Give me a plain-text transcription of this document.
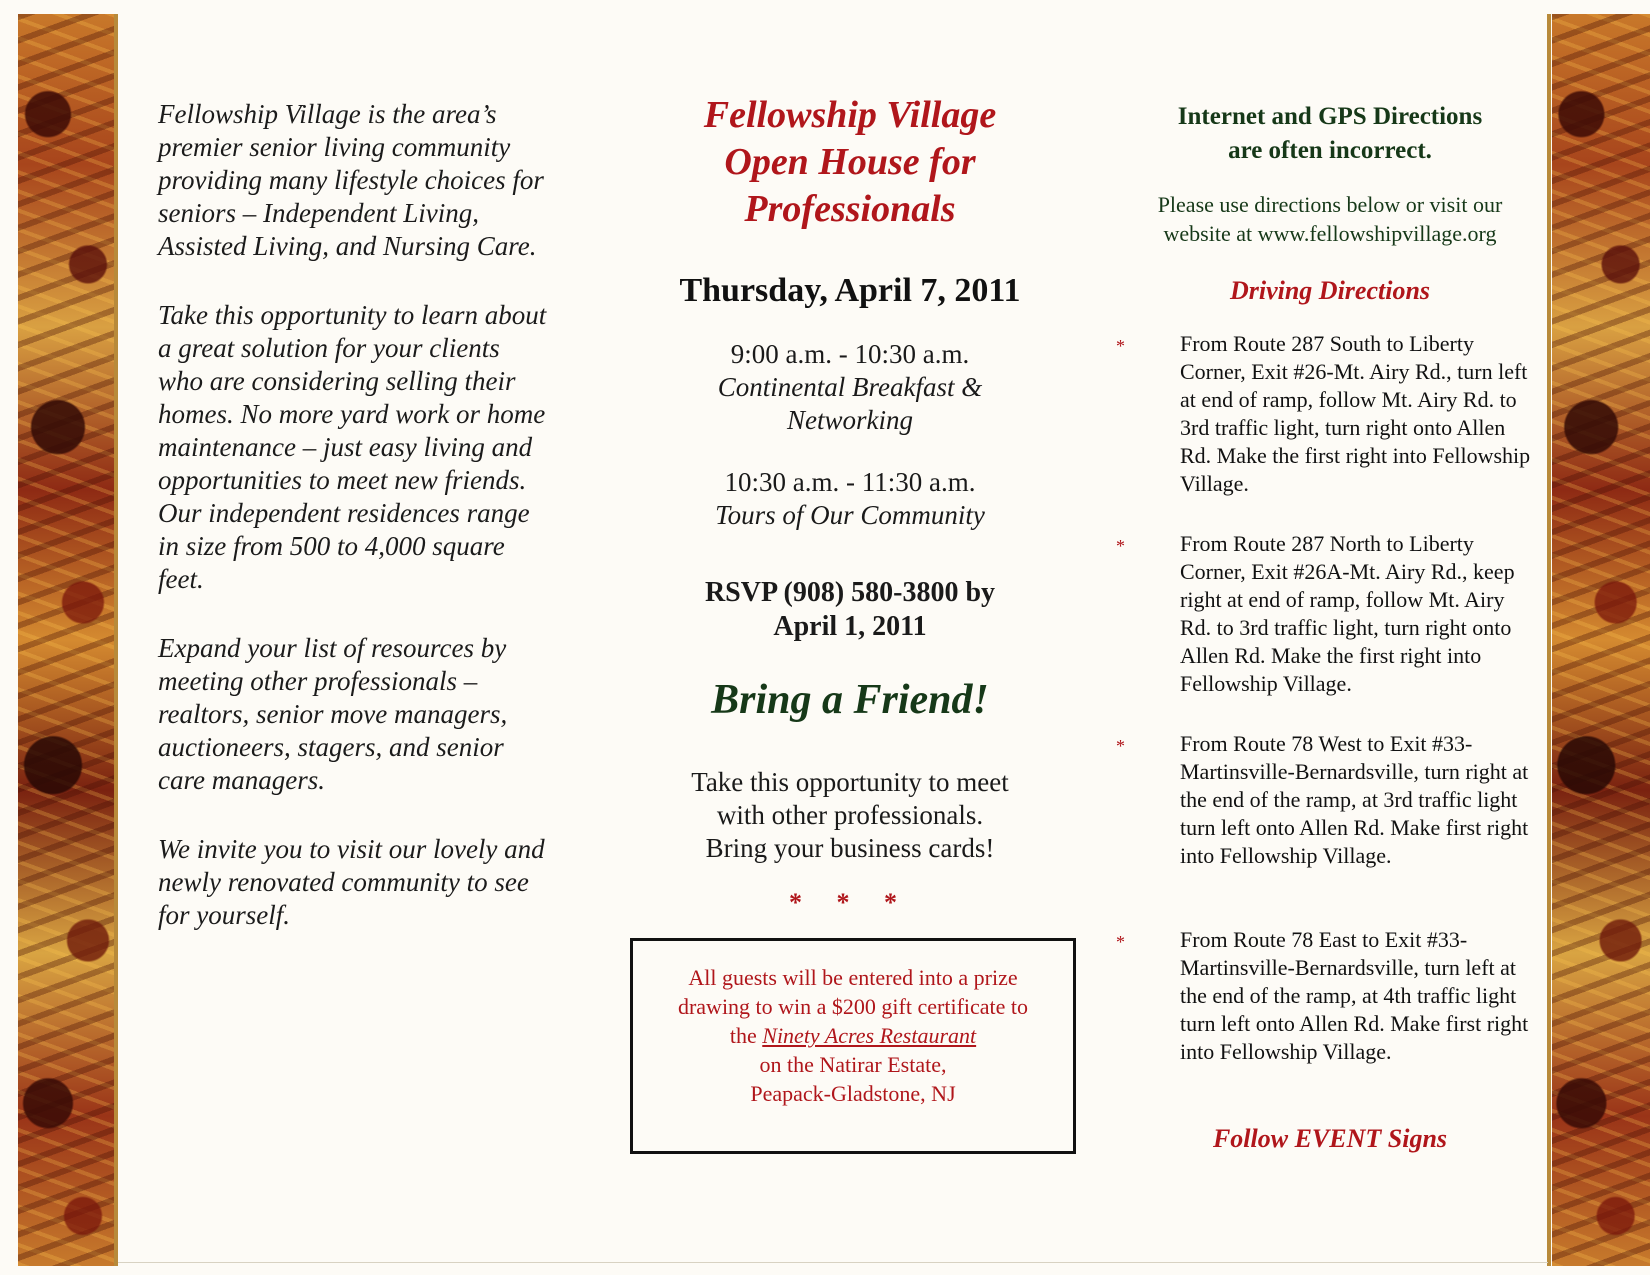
Fellowship Village is the area’s premier senior living community providing many lifestyle choices for seniors – Independent Living, Assisted Living, and Nursing Care.

Take this opportunity to learn about a great solution for your clients who are considering selling their homes. No more yard work or home maintenance – just easy living and opportunities to meet new friends. Our independent residences range in size from 500 to 4,000 square feet.

Expand your list of resources by meeting other professionals – realtors, senior move managers, auctioneers, stagers, and senior care managers.

We invite you to visit our lovely and newly renovated community to see for yourself.

Fellowship Village
Open House for
Professionals
Thursday, April 7, 2011
9:00 a.m. - 10:30 a.m.
Continental Breakfast & Networking
10:30 a.m. - 11:30 a.m.
Tours of Our Community

RSVP (908) 580-3800 by
April 1, 2011

Bring a Friend!

Take this opportunity to meet
with other professionals.
Bring your business cards!

* * *
All guests will be entered into a prize
drawing to win a $200 gift certificate to
the Ninety Acres Restaurant
on the Natirar Estate,
Peapack-Gladstone, NJ
Internet and GPS Directions
are often incorrect.

Please use directions below or visit our
website at www.fellowshipvillage.org

Driving Directions
*	From Route 287 South to Liberty Corner, Exit #26-Mt. Airy Rd., turn left at end of ramp, follow Mt. Airy Rd. to 3rd traffic light, turn right onto Allen Rd. Make the first right into Fellowship Village.
*	From Route 287 North to Liberty Corner, Exit #26A-Mt. Airy Rd., keep right at end of ramp, follow Mt. Airy Rd. to 3rd traffic light, turn right onto Allen Rd. Make the first right into Fellowship Village.
*	From Route 78 West to Exit #33-Martinsville-Bernardsville, turn right at the end of the ramp, at 3rd traffic light turn left onto Allen Rd. Make first right into Fellowship Village.
*	From Route 78 East to Exit #33-Martinsville-Bernardsville, turn left at the end of the ramp, at 4th traffic light turn left onto Allen Rd. Make first right into Fellowship Village.
Follow EVENT Signs
